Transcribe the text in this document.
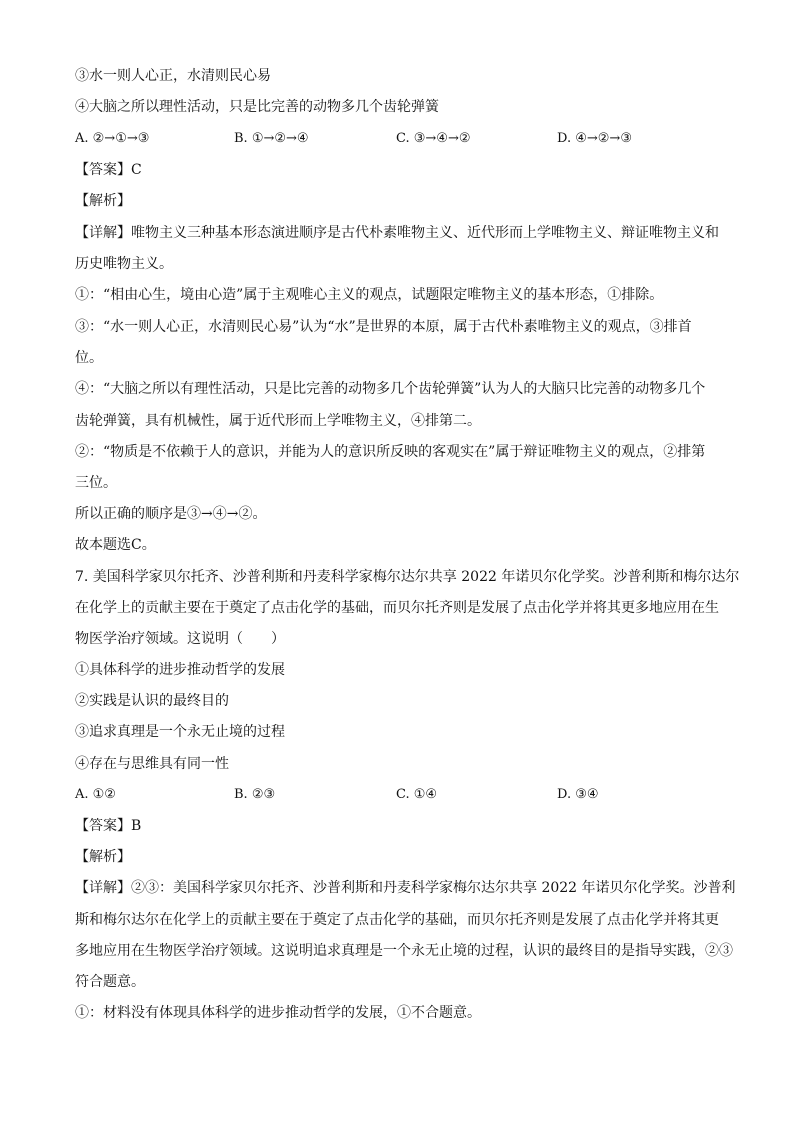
③水一则人心正，水清则民心易
④大脑之所以理性活动，只是比完善的动物多几个齿轮弹簧
A. ②→①→③	B. ①→②→④	C. ③→④→②	D. ④→②→③
【答案】C
【解析】
【详解】唯物主义三种基本形态演进顺序是古代朴素唯物主义、近代形而上学唯物主义、辩证唯物主义和
历史唯物主义。
①：“相由心生，境由心造”属于主观唯心主义的观点，试题限定唯物主义的基本形态，①排除。
③：“水一则人心正，水清则民心易”认为“水”是世界的本原，属于古代朴素唯物主义的观点，③排首
位。
④：“大脑之所以有理性活动，只是比完善的动物多几个齿轮弹簧”认为人的大脑只比完善的动物多几个
齿轮弹簧，具有机械性，属于近代形而上学唯物主义，④排第二。
②：“物质是不依赖于人的意识，并能为人的意识所反映的客观实在”属于辩证唯物主义的观点，②排第
三位。
所以正确的顺序是③→④→②。
故本题选C。
7. 美国科学家贝尔托齐、沙普利斯和丹麦科学家梅尔达尔共享 2022 年诺贝尔化学奖。沙普利斯和梅尔达尔
在化学上的贡献主要在于奠定了点击化学的基础，而贝尔托齐则是发展了点击化学并将其更多地应用在生
物医学治疗领域。这说明（　　）
①具体科学的进步推动哲学的发展
②实践是认识的最终目的
③追求真理是一个永无止境的过程
④存在与思维具有同一性
A. ①②	B. ②③	C. ①④	D. ③④
【答案】B
【解析】
【详解】②③：美国科学家贝尔托齐、沙普利斯和丹麦科学家梅尔达尔共享 2022 年诺贝尔化学奖。沙普利
斯和梅尔达尔在化学上的贡献主要在于奠定了点击化学的基础，而贝尔托齐则是发展了点击化学并将其更
多地应用在生物医学治疗领域。这说明追求真理是一个永无止境的过程，认识的最终目的是指导实践，②③
符合题意。
①：材料没有体现具体科学的进步推动哲学的发展，①不合题意。
